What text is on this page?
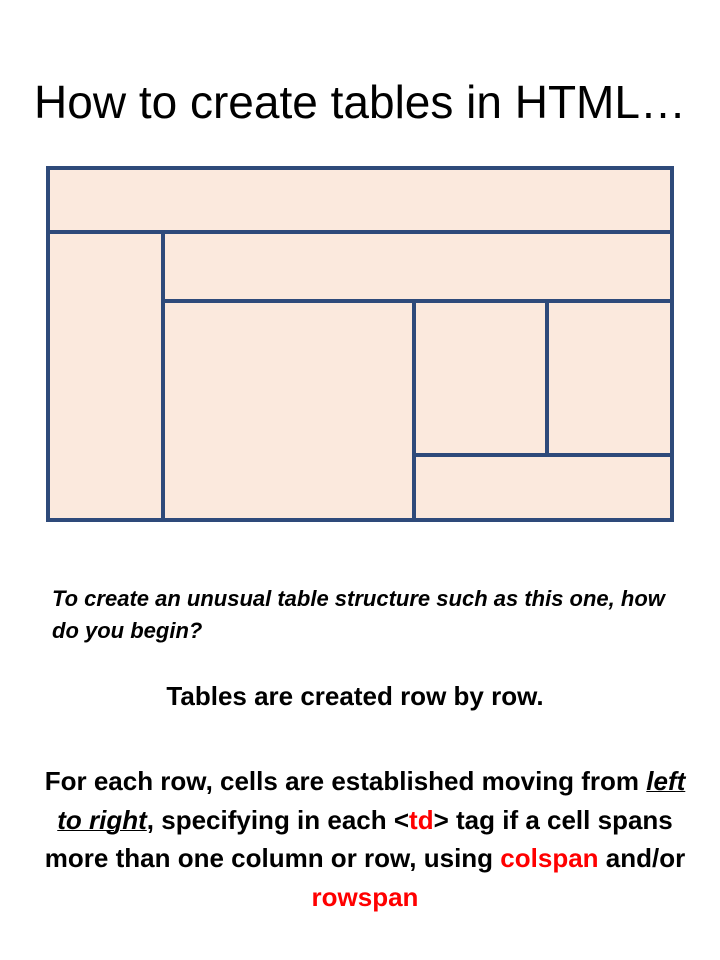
How to create tables in HTML…
To create an unusual table structure such as this one, how do you begin?
Tables are created row by row.
For each row, cells are established moving from left to right, specifying in each <td> tag if a cell spans more than one column or row, using colspan and/or rowspan
